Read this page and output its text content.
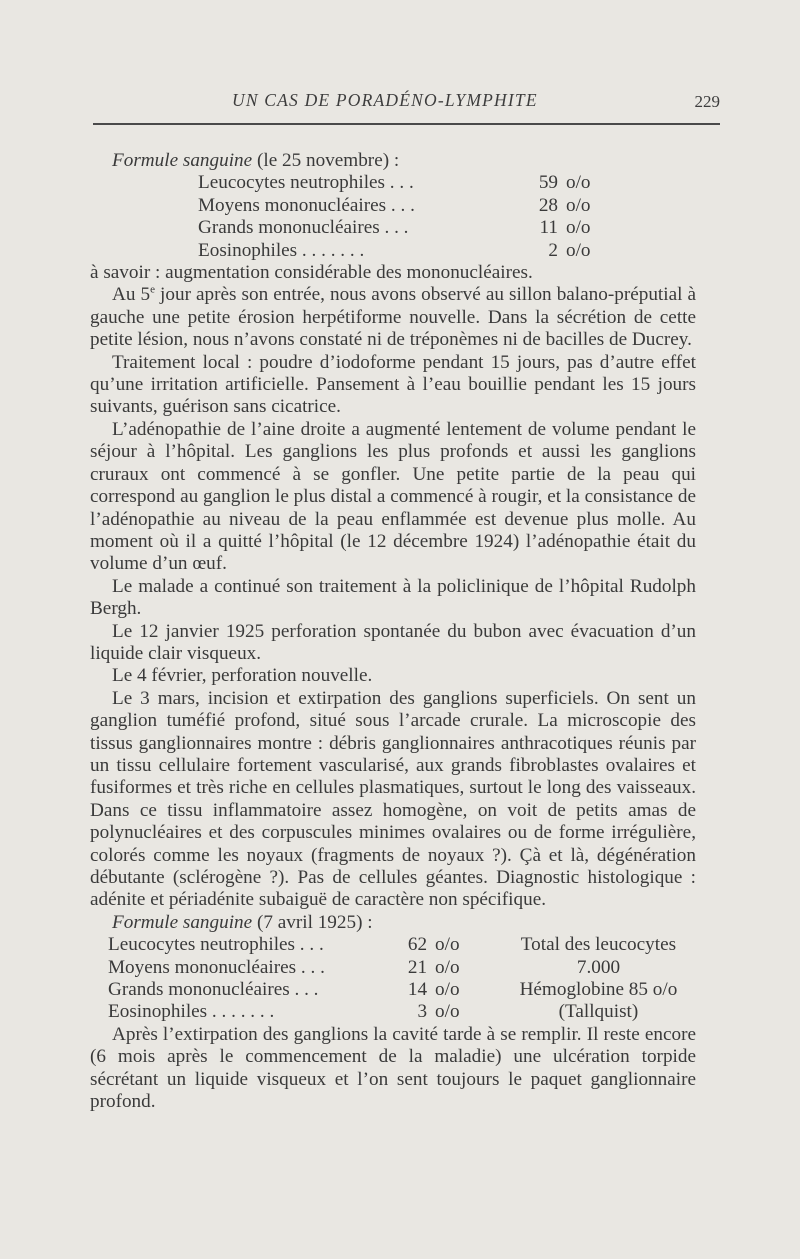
UN CAS DE PORADÉNO-LYMPHITE	229

Formule sanguine (le 25 novembre) :

Leucocytes neutrophiles . . .	59	o/o
Moyens mononucléaires . . .	28	o/o
Grands mononucléaires . . .	11	o/o
Eosinophiles . . . . . . .	2	o/o

à savoir : augmentation considérable des mononucléaires.

Au 5e jour après son entrée, nous avons observé au sillon balano-préputial à gauche une petite érosion herpétiforme nouvelle. Dans la sécrétion de cette petite lésion, nous n’avons constaté ni de tréponèmes ni de bacilles de Ducrey.

Traitement local : poudre d’iodoforme pendant 15 jours, pas d’autre effet qu’une irritation artificielle. Pansement à l’eau bouillie pendant les 15 jours suivants, guérison sans cicatrice.

L’adénopathie de l’aine droite a augmenté lentement de volume pendant le séjour à l’hôpital. Les ganglions les plus profonds et aussi les ganglions cruraux ont commencé à se gonfler. Une petite partie de la peau qui correspond au ganglion le plus distal a commencé à rougir, et la consistance de l’adénopathie au niveau de la peau enflammée est devenue plus molle. Au moment où il a quitté l’hôpital (le 12 décembre 1924) l’adénopathie était du volume d’un œuf.

Le malade a continué son traitement à la policlinique de l’hôpital Rudolph Bergh.

Le 12 janvier 1925 perforation spontanée du bubon avec évacuation d’un liquide clair visqueux.

Le 4 février, perforation nouvelle.

Le 3 mars, incision et extirpation des ganglions superficiels. On sent un ganglion tuméfié profond, situé sous l’arcade crurale. La microscopie des tissus ganglionnaires montre : débris ganglionnaires anthracotiques réunis par un tissu cellulaire fortement vascularisé, aux grands fibroblastes ovalaires et fusiformes et très riche en cellules plasmatiques, surtout le long des vaisseaux. Dans ce tissu inflammatoire assez homogène, on voit de petits amas de polynucléaires et des corpuscules minimes ovalaires ou de forme irrégulière, colorés comme les noyaux (fragments de noyaux ?). Çà et là, dégénération débutante (sclérogène ?). Pas de cellules géantes. Diagnostic histologique : adénite et périadénite subaiguë de caractère non spécifique.

Formule sanguine (7 avril 1925) :

Leucocytes neutrophiles . . .	62	o/o	Total des leucocytes
Moyens mononucléaires . . .	21	o/o	7.000
Grands mononucléaires . . .	14	o/o	Hémoglobine 85 o/o
Eosinophiles . . . . . . .	3	o/o	(Tallquist)

Après l’extirpation des ganglions la cavité tarde à se remplir. Il reste encore (6 mois après le commencement de la maladie) une ulcération torpide sécrétant un liquide visqueux et l’on sent toujours le paquet ganglionnaire profond.
